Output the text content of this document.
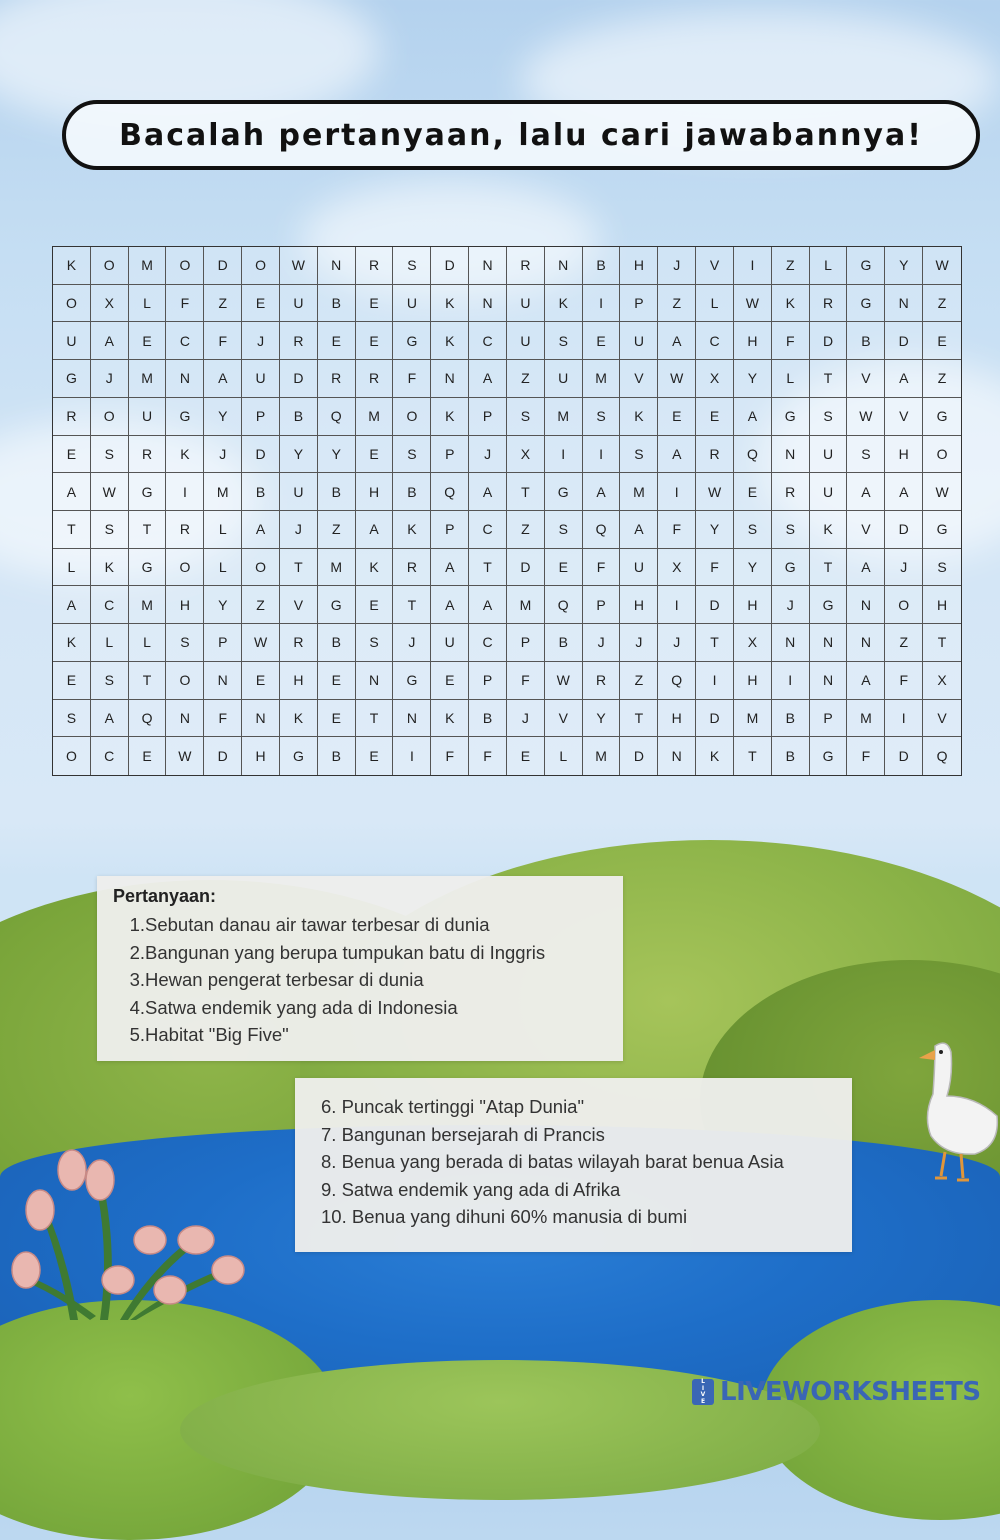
Bacalah pertanyaan, lalu cari jawabannya!
K	O	M	O	D	O	W	N	R	S	D	N	R	N	B	H	J	V	I	Z	L	G	Y	W
O	X	L	F	Z	E	U	B	E	U	K	N	U	K	I	P	Z	L	W	K	R	G	N	Z
U	A	E	C	F	J	R	E	E	G	K	C	U	S	E	U	A	C	H	F	D	B	D	E
G	J	M	N	A	U	D	R	R	F	N	A	Z	U	M	V	W	X	Y	L	T	V	A	Z
R	O	U	G	Y	P	B	Q	M	O	K	P	S	M	S	K	E	E	A	G	S	W	V	G
E	S	R	K	J	D	Y	Y	E	S	P	J	X	I	I	S	A	R	Q	N	U	S	H	O
A	W	G	I	M	B	U	B	H	B	Q	A	T	G	A	M	I	W	E	R	U	A	A	W
T	S	T	R	L	A	J	Z	A	K	P	C	Z	S	Q	A	F	Y	S	S	K	V	D	G
L	K	G	O	L	O	T	M	K	R	A	T	D	E	F	U	X	F	Y	G	T	A	J	S
A	C	M	H	Y	Z	V	G	E	T	A	A	M	Q	P	H	I	D	H	J	G	N	O	H
K	L	L	S	P	W	R	B	S	J	U	C	P	B	J	J	J	T	X	N	N	N	Z	T
E	S	T	O	N	E	H	E	N	G	E	P	F	W	R	Z	Q	I	H	I	N	A	F	X
S	A	Q	N	F	N	K	E	T	N	K	B	J	V	Y	T	H	D	M	B	P	M	I	V
O	C	E	W	D	H	G	B	E	I	F	F	E	L	M	D	N	K	T	B	G	F	D	Q
Pertanyaan:
1. Sebutan danau air tawar terbesar di dunia
2. Bangunan yang berupa tumpukan batu di Inggris
3. Hewan pengerat terbesar di dunia
4. Satwa endemik yang ada di Indonesia
5. Habitat "Big Five"
6. Puncak tertinggi "Atap Dunia"
7. Bangunan bersejarah di Prancis
8. Benua yang berada di batas wilayah barat benua Asia
9. Satwa endemik yang ada di Afrika
10. Benua yang dihuni 60% manusia di bumi
L
I
V
E LIVEWORKSHEETS
